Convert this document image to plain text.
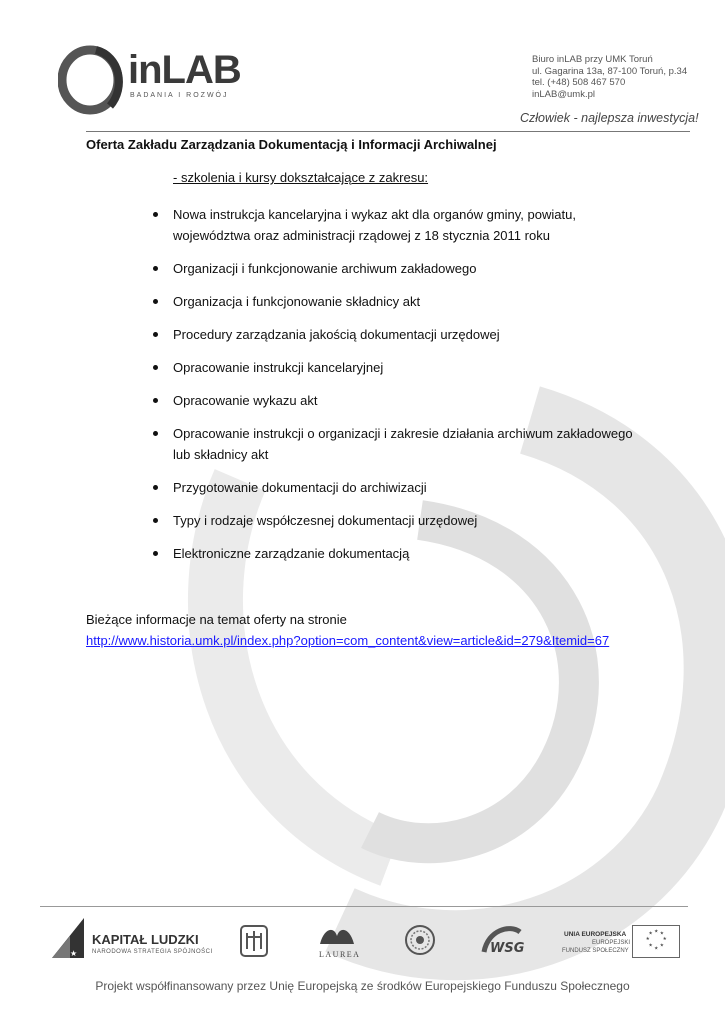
inLAB
BADANIA I ROZWÓJ
Biuro inLAB przy UMK Toruń
ul. Gagarina 13a, 87-100 Toruń, p.34
tel. (+48) 508 467 570
inLAB@umk.pl
Człowiek - najlepsza inwestycja!
Oferta Zakładu Zarządzania Dokumentacją i Informacji Archiwalnej
- szkolenia i kursy dokształcające z zakresu:
Nowa instrukcja kancelaryjna i wykaz akt dla organów gminy, powiatu, województwa oraz administracji rządowej z 18 stycznia 2011 roku
Organizacji i funkcjonowanie archiwum zakładowego
Organizacja i funkcjonowanie składnicy akt
Procedury zarządzania jakością dokumentacji urzędowej
Opracowanie instrukcji kancelaryjnej
Opracowanie wykazu akt
Opracowanie instrukcji o organizacji i zakresie działania archiwum zakładowego lub składnicy akt
Przygotowanie dokumentacji do archiwizacji
Typy i rodzaje współczesnej dokumentacji urzędowej
Elektroniczne zarządzanie dokumentacją
Bieżące informacje na temat oferty na stronie
http://www.historia.umk.pl/index.php?option=com_content&view=article&id=279&Itemid=67
★
KAPITAŁ LUDZKI
NARODOWA STRATEGIA SPÓJNOŚCI	LAUREA	WSG
UNIA EUROPEJSKA
EUROPEJSKI
FUNDUSZ SPOŁECZNY
★ ★
★
★
★
★
★
★
Projekt współfinansowany przez Unię Europejską ze środków Europejskiego Funduszu Społecznego
